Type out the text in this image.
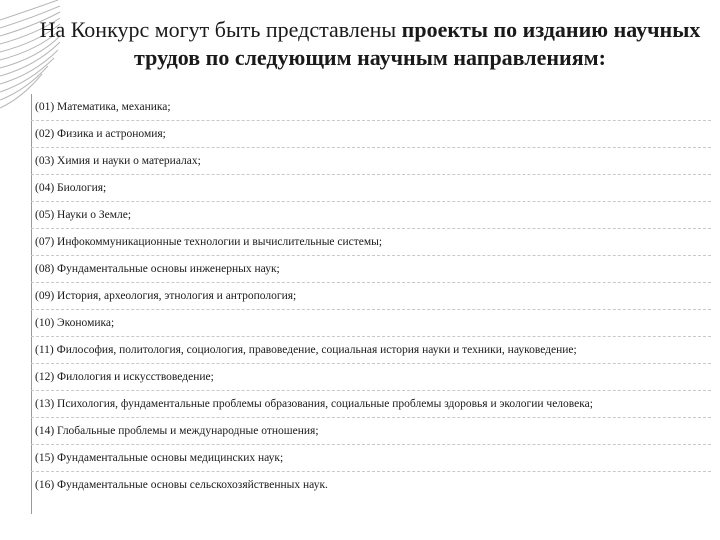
На Конкурс могут быть представлены проекты по изданию научных трудов по следующим научным направлениям:
(01) Математика, механика;
(02) Физика и астрономия;
(03) Химия и науки о материалах;
(04) Биология;
(05) Науки о Земле;
(07) Инфокоммуникационные технологии и вычислительные системы;
(08) Фундаментальные основы инженерных наук;
(09) История, археология, этнология и антропология;
(10) Экономика;
(11) Философия, политология, социология, правоведение, социальная история науки и техники, науковедение;
(12) Филология и искусствоведение;
(13) Психология, фундаментальные проблемы образования, социальные проблемы здоровья и экологии человека;
(14) Глобальные проблемы и международные отношения;
(15) Фундаментальные основы медицинских наук;
(16) Фундаментальные основы сельскохозяйственных наук.
